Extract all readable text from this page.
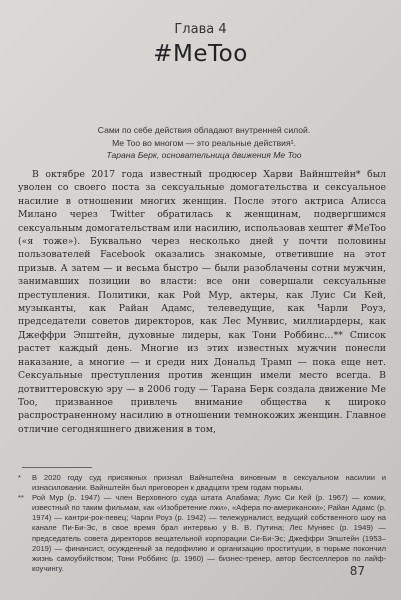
Глава 4
#MeToo
Сами по себе действия обладают внутренней силой.
Me Too во многом — это реальные действия¹.
Тарана Берк, основательница движения Me Too

В октябре 2017 года известный продюсер Харви Вайнштейн* был уволен со своего поста за сексуальные домогательства и сексуальное насилие в отношении многих женщин. После этого актриса Алисса Милано через Twitter обратилась к женщинам, подвергшимся сексуальным домогательствам или насилию, использовав хештег #MeToo («я тоже»). Буквально через несколько дней у почти половины пользователей Facebook оказались знакомые, ответившие на этот призыв. А затем — и весьма быстро — были разоблачены сотни мужчин, занимавших позиции во власти: все они совершали сексуальные преступления. Политики, как Рой Мур, актеры, как Луис Си Кей, музыканты, как Райан Адамс, телеведущие, как Чарли Роуз, председатели советов директоров, как Лес Мунвис, миллиардеры, как Джеффри Эпштейн, духовные лидеры, как Тони Роббинс…** Список растет каждый день. Многие из этих известных мужчин понесли наказание, а многие — и среди них Дональд Трамп — пока еще нет. Сексуальные преступления против женщин имели место всегда. В дотвиттеровскую эру — в 2006 году — Тарана Берк создала движение Me Too, призванное привлечь внимание общества к широко распространенному насилию в отношении темнокожих женщин. Главное отличие сегодняшнего движения в том,

* В 2020 году суд присяжных признал Вайнштейна виновным в сексуальном насилии и изнасиловании. Вайнштейн был приговорен к двадцати трем годам тюрьмы.

** Рой Мур (р. 1947) — член Верховного суда штата Алабама; Луис Си Кей (р. 1967) — комик, известный по таким фильмам, как «Изобретение лжи», «Афера по-американски»; Райан Адамс (р. 1974) — кантри-рок-певец; Чарли Роуз (р. 1942) — тележурналист, ведущий собственного шоу на канале Пи-Би-Эс, в свое время брал интервью у В. В. Путина; Лес Мунвес (р. 1949) — председатель совета директоров вещательной корпорации Си-Би-Эс; Джеффри Эпштейн (1953–2019) — финансист, осужденный за педофилию и организацию проституции, в тюрьме покончил жизнь самоубийством; Тони Роббинс (р. 1960) — бизнес-тренер, автор бестселлеров по лайф-коучингу.	87
